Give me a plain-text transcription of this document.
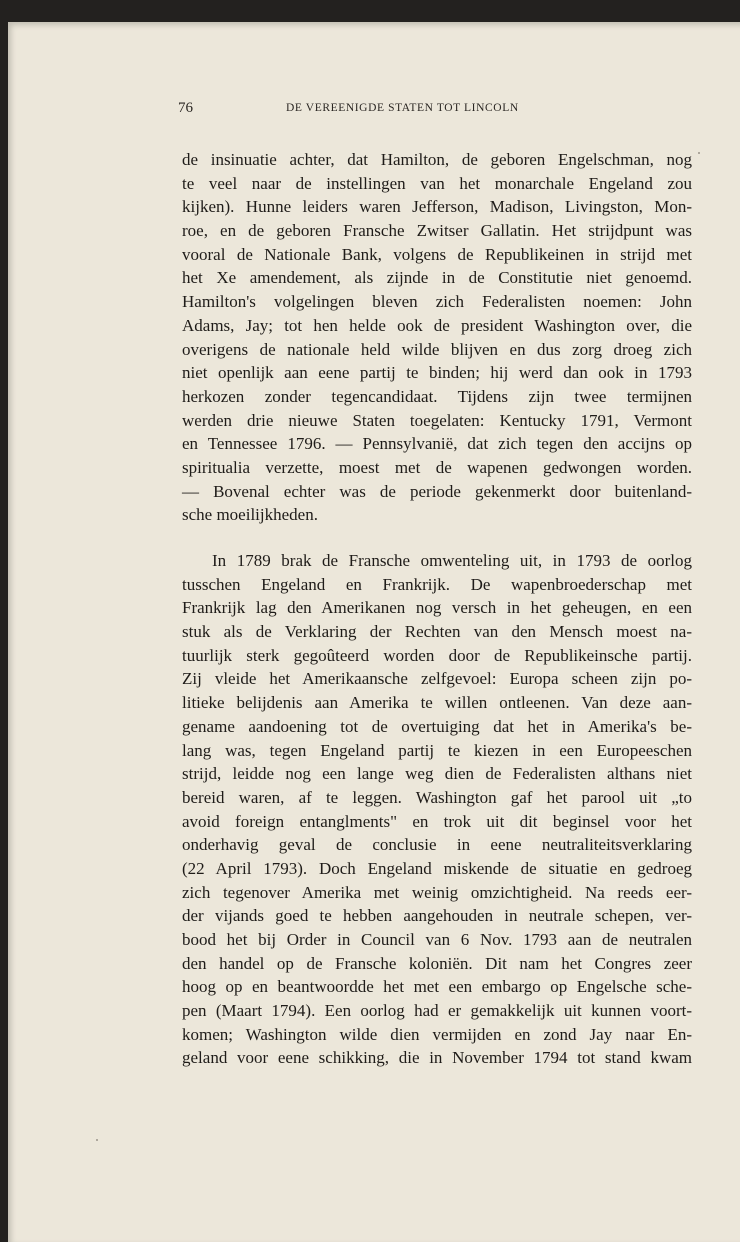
76	DE VEREENIGDE STATEN TOT LINCOLN
de insinuatie achter, dat Hamilton, de geboren Engelschman, nog
te veel naar de instellingen van het monarchale Engeland zou
kijken). Hunne leiders waren Jefferson, Madison, Livingston, Mon-
roe, en de geboren Fransche Zwitser Gallatin. Het strijdpunt was
vooral de Nationale Bank, volgens de Republikeinen in strijd met
het Xe amendement, als zijnde in de Constitutie niet genoemd.
Hamilton's volgelingen bleven zich Federalisten noemen: John
Adams, Jay; tot hen helde ook de president Washington over, die
overigens de nationale held wilde blijven en dus zorg droeg zich
niet openlijk aan eene partij te binden; hij werd dan ook in 1793
herkozen zonder tegencandidaat. Tijdens zijn twee termijnen
werden drie nieuwe Staten toegelaten: Kentucky 1791, Vermont
en Tennessee 1796. — Pennsylvanië, dat zich tegen den accijns op
spiritualia verzette, moest met de wapenen gedwongen worden.
— Bovenal echter was de periode gekenmerkt door buitenland-
sche moeilijkheden.
In 1789 brak de Fransche omwenteling uit, in 1793 de oorlog
tusschen Engeland en Frankrijk. De wapenbroederschap met
Frankrijk lag den Amerikanen nog versch in het geheugen, en een
stuk als de Verklaring der Rechten van den Mensch moest na-
tuurlijk sterk gegoûteerd worden door de Republikeinsche partij.
Zij vleide het Amerikaansche zelfgevoel: Europa scheen zijn po-
litieke belijdenis aan Amerika te willen ontleenen. Van deze aan-
gename aandoening tot de overtuiging dat het in Amerika's be-
lang was, tegen Engeland partij te kiezen in een Europeeschen
strijd, leidde nog een lange weg dien de Federalisten althans niet
bereid waren, af te leggen. Washington gaf het parool uit „to
avoid foreign entanglments" en trok uit dit beginsel voor het
onderhavig geval de conclusie in eene neutraliteitsverklaring
(22 April 1793). Doch Engeland miskende de situatie en gedroeg
zich tegenover Amerika met weinig omzichtigheid. Na reeds eer-
der vijands goed te hebben aangehouden in neutrale schepen, ver-
bood het bij Order in Council van 6 Nov. 1793 aan de neutralen
den handel op de Fransche koloniën. Dit nam het Congres zeer
hoog op en beantwoordde het met een embargo op Engelsche sche-
pen (Maart 1794). Een oorlog had er gemakkelijk uit kunnen voort-
komen; Washington wilde dien vermijden en zond Jay naar En-
geland voor eene schikking, die in November 1794 tot stand kwam
